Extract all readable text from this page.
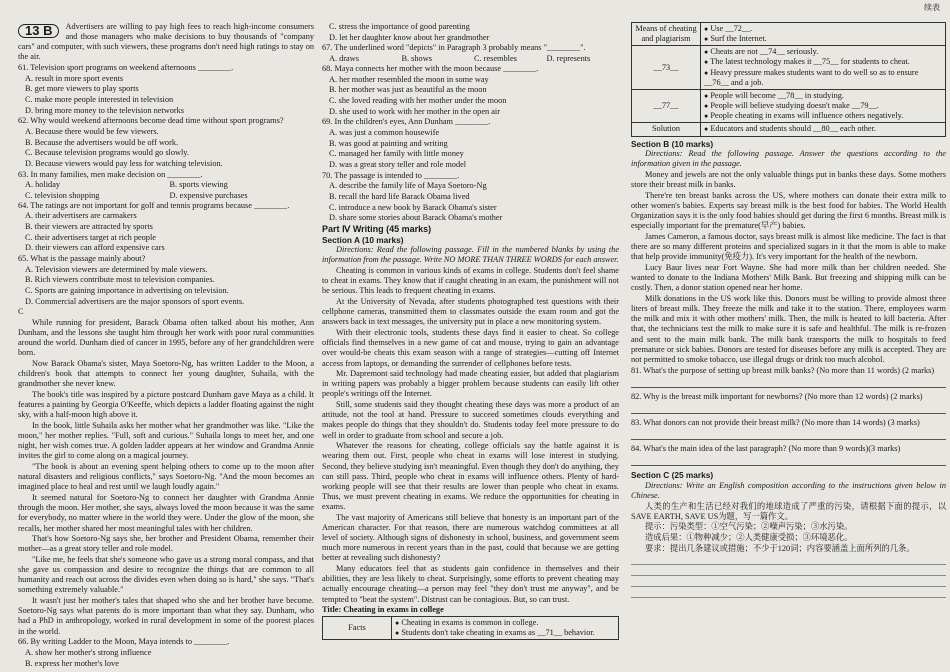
续表

13 B	Advertisers are willing to pay high fees to reach high-income consumers and those managers who make decisions to buy thousands of "company cars" and computer, with such viewers, these programs don't need high ratings to stay on the air.

61. Television sport programs on weekend afternoons ________.

A. result in more sport events

B. get more viewers to play sports

C. make more people interested in television

D. bring more money to the television networks

62. Why would weekend afternoons become dead time without sport programs?

A. Because there would be few viewers.

B. Because the advertisers would be off work.

C. Because television programs would go slowly.

D. Because viewers would pay less for watching television.

63. In many families, men make decision on ________.

A. holiday	B. sports viewing
C. television shopping	D. expensive purchases

64. The ratings are not important for golf and tennis programs because ________.

A. their advertisers are carmakers

B. their viewers are attracted by sports

C. their advertisers target at rich people

D. their viewers can afford expensive cars

65. What is the passage mainly about?

A. Television viewers are determined by male viewers.

B. Rich viewers contribute most to television companies.

C. Sports are gaining importance in advertising on television.

D. Commercial advertisers are the major sponsors of sport events.

C

While running for president, Barack Obama often talked about his mother, Ann Dunham, and the lessons she taught him through her work with poor rural communities around the world. Dunham died of cancer in 1995, before any of her grandchildren were born.

Now Barack Obama's sister, Maya Soetoro-Ng, has written Ladder to the Moon, a children's book that attempts to connect her young daughter, Suhaila, with the grandmother she never knew.

The book's title was inspired by a picture postcard Dunham gave Maya as a child. It features a painting by Georgia O'Keeffe, which depicts a ladder floating against the night sky, with a half-moon high above it.

In the book, little Suhaila asks her mother what her grandmother was like. "Like the moon," her mother replies. "Full, soft and curious." Suhaila longs to meet her, and one night, her wish comes true. A golden ladder appears at her window and Grandma Annie invites the girl to come along on a magical journey.

"The book is about an evening spent helping others to come up to the moon after natural disasters and religious conflicts," says Soetoro-Ng. "And the moon becomes an imagined place to heal and rest until we laugh loudly again."

It seemed natural for Soetoro-Ng to connect her daughter with Grandma Annie through the moon. Her mother, she says, always loved the moon because it was the same for everybody, no matter where in the world they were. Under the glow of the moon, she recalls, her mother shared her most meaningful tales with her children.

That's how Soetoro-Ng says she, her brother and President Obama, remember their mother—as a great story teller and role model.

"Like me, he feels that she's someone who gave us a strong moral compass, and that she gave us compassion and desire to recognize the things that are common to all humanity and reach out across the divides even when doing so is hard," she says. "That's something extremely valuable."

It wasn't just her mother's tales that shaped who she and her brother have become. Soetoro-Ng says what parents do is more important than what they say. Dunham, who had a PhD in anthropology, worked in rural development in some of the poorest places in the world.

66. By writing Ladder to the Moon, Maya intends to ________.

A. show her mother's strong influence

B. express her mother's love

C. stress the importance of good parenting

D. let her daughter know about her grandmother

67. The underlined word "depicts" in Paragraph 3 probably means "________".

A. draws	B. shows	C. resembles	D. represents

68. Maya connects her mother with the moon because ________.

A. her mother resembled the moon in some way

B. her mother was just as beautiful as the moon

C. she loved reading with her mother under the moon

D. she used to work with her mother in the open air

69. In the children's eyes, Ann Dunham ________.

A. was just a common housewife

B. was good at painting and writing

C. managed her family with little money

D. was a great story teller and role model

70. The passage is intended to ________.

A. describe the family life of Maya Soetoro-Ng

B. recall the hard life Barack Obama lived

C. introduce a new book by Barack Obama's sister

D. share some stories about Barack Obama's mother

Part Ⅳ Writing (45 marks)

Section A (10 marks)

Directions: Read the following passage. Fill in the numbered blanks by using the information from the passage. Write NO MORE THAN THREE WORDS for each answer.

Cheating is common in various kinds of exams in college. Students don't feel shame to cheat in exams. They know that if caught cheating in an exam, the punishment will not be serious. This leads to frequent cheating in exams.

At the University of Nevada, after students photographed test questions with their cellphone cameras, transmitted them to classmates outside the exam room and got the answers back in text messages, the university put in place a new monitoring system.

With their electronic tools, students these days find it easier to cheat. So college officials find themselves in a new game of cat and mouse, trying to gain an advantage over would-be cheats this exam season with a range of strategies—cutting off Internet access from laptops, or demanding the surrender of cellphones before tests.

Mr. Dapremont said technology had made cheating easier, but added that plagiarism in writing papers was probably a bigger problem because students can easily lift other people's writings off the Internet.

Still, some students said they thought cheating these days was more a product of an attitude, not the tool at hand. Pressure to succeed sometimes clouds everything and makes people do things that they shouldn't do. Students today feel more pressure to do well in order to graduate from school and secure a job.

Whatever the reasons for cheating, college officials say the battle against it is wearing them out. First, people who cheat in exams will lose interest in studying. Second, they believe studying isn't meaningful. Even though they don't do anything, they can still pass. Third, people who cheat in exams will influence others. Plenty of hard-working people will see that their results are lower than people who cheat in exams. Thus, we must prevent cheating in exams. We reduce the opportunities for cheating in exams.

The vast majority of Americans still believe that honesty is an important part of the American character. For that reason, there are numerous watchdog committees at all level of society. Although signs of dishonesty in school, business, and government seem much more numerous in recent years than in the past, could that because we are getting better at revealing such dishonesty?

Many educators feel that as students gain confidence in themselves and their abilities, they are less likely to cheat. Surprisingly, some efforts to prevent cheating may actually encourage cheating—a person may feel "they don't trust me anyway", and be tempted to "beat the system". Distrust can be contagious. But, so can trust.

Title: Cheating in exams in college

Facts	
● Cheating in exams is common in college.
● Students don't take cheating in exams as __71__ behavior.
Means of cheating and plagiarism	● Use __72__.
● Surf the Internet.

__73__	● Cheats are not __74__ seriously.
● The latest technology makes it __75__ for students to cheat.
● Heavy pressure makes students want to do well so as to ensure __76__ and a job.

__77__	● People will become __78__ in studying.
● People will believe studying doesn't make __79__.
● People cheating in exams will influence others negatively.

Solution	● Educators and students should __80__ each other.

Section B (10 marks)

Directions: Read the following passage. Answer the questions according to the information given in the passage.

Money and jewels are not the only valuable things put in banks these days. Some mothers store their breast milk in banks.

There're ten breast banks across the US, where mothers can donate their extra milk to other women's babies. Experts say breast milk is the best food for babies. The World Health Organization says it is the only food babies should get during the first 6 months. Breast milk is especially important for the premature(早产) babies.

James Cameron, a famous doctor, says breast milk is almost like medicine. The fact is that there are so many different proteins and specialized sugars in it that the mom is able to make that help provide immunity(免疫力). It's very important for the health of the newborn.

Lucy Baur lives near Fort Wayne. She had more milk than her children needed. She wanted to donate to the Indiana Mothers' Milk Bank. But freezing and shipping milk can be costly. Then, a donor station opened near her home.

Milk donations in the US work like this. Donors must be willing to provide almost three liters of breast milk. They freeze the milk and take it to the station. There, employees warm the milk and mix it with other mothers' milk. Then, the milk is heated to kill bacteria. After that, the technicians test the milk to make sure it is safe and healthful. The milk is re-frozen and sent to the main milk bank. The milk bank transports the milk to hospitals to feed premature or sick babies. Donors are tested for diseases before any milk is accepted. They are not permitted to smoke tobacco, use illegal drugs or drink too much alcohol.

81. What's the purpose of setting up breast milk banks? (No more than 11 words) (2 marks)

82. Why is the breast milk important for newborns? (No more than 12 words) (2 marks)

83. What donors can not provide their breast milk? (No more than 14 words) (3 marks)

84. What's the main idea of the last paragraph? (No more than 9 words)(3 marks)

Section C (25 marks)

Directions: Write an English composition according to the instructions given below in Chinese.

人类的生产和生活已经对我们的地球造成了严重的污染，请根据下面的提示，以SAVE EARTH, SAVE US为题，写一篇作文。

提示：污染类型：①空气污染；②噪声污染；③水污染。

造成后果：①物种减少；②人类健康受损；③环境恶化。

要求：提出几条建议或措施；不少于120词；内容要涵盖上面所列的几条。
